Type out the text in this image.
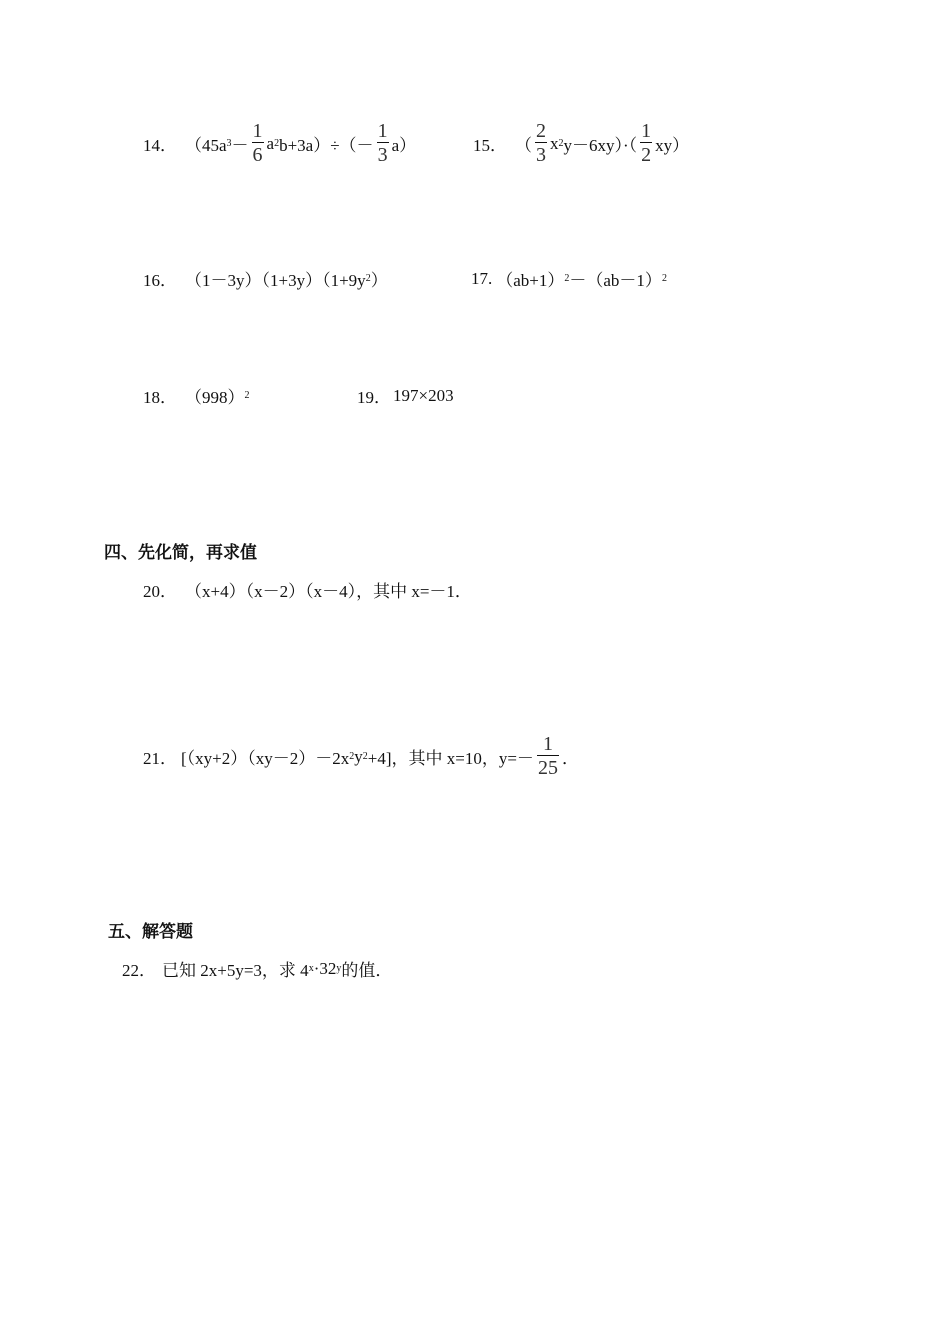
14． （45a $3 - \frac{1}{6}$ a 2 $b+3a)\div(- \frac{1}{3} a)$	15． （ $\frac{2}{3}$ x 2 $y-6xy)\cdot( \frac{1}{2} xy)$
16． （1－3y）（1+3y）（1+9y 2 ）	17. （ab+1） 2 －（ab－1） 2
18． （998） 2	19． 197×203
四、先化简，再求值
20． （x+4）（x－2）（x－4），其中 x=－1．
21． [（xy+2）（xy－2）－2x 2 y 2 +4]，其中 x=10，$y=- \frac{1}{25}$ ．
五、解答题
22． 已知 2x+5y=3，求 4 x ·32 y 的值．
